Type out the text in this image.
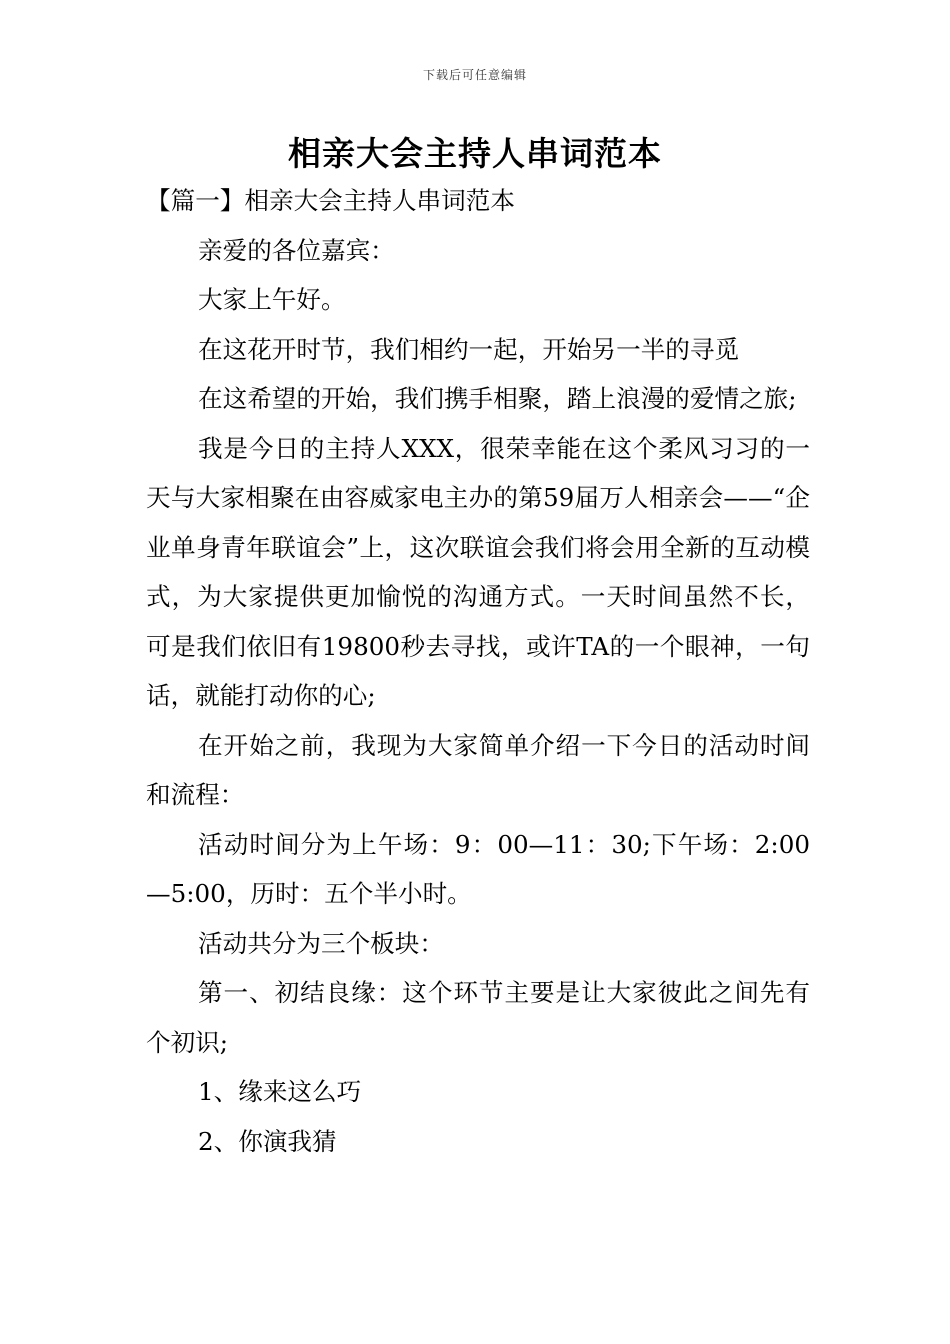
下载后可任意编辑
相亲大会主持人串词范本

【篇一】相亲大会主持人串词范本

亲爱的各位嘉宾：

大家上午好。

在这花开时节，我们相约一起，开始另一半的寻觅

在这希望的开始，我们携手相聚，踏上浪漫的爱情之旅;

我是今日的主持人XXX，很荣幸能在这个柔风习习的一天与大家相聚在由容威家电主办的第59届万人相亲会——“企业单身青年联谊会”上，这次联谊会我们将会用全新的互动模式，为大家提供更加愉悦的沟通方式。一天时间虽然不长，可是我们依旧有19800秒去寻找，或许TA的一个眼神，一句话，就能打动你的心;

在开始之前，我现为大家简单介绍一下今日的活动时间和流程：

活动时间分为上午场：9：00—11：30;下午场：2:00—5:00，历时：五个半小时。

活动共分为三个板块：

第一、初结良缘：这个环节主要是让大家彼此之间先有个初识;

1、缘来这么巧

2、你演我猜
